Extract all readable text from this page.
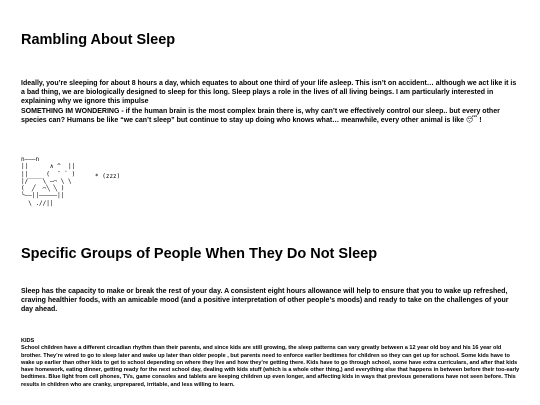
Rambling About Sleep

Ideally, you’re sleeping for about 8 hours a day, which equates to about one third of your life asleep. This isn’t on accident… although we act like it is a bad thing, we are biologically designed to sleep for this long. Sleep plays a role in the lives of all living beings. I am particularly interested in explaining why we ignore this impulse
SOMETHING IM WONDERING - if the human brain is the most complex brain there is, why can’t we effectively control our sleep.. but every other species can? Humans be like “we can’t sleep” but continue to stay up doing who knows what… meanwhile, every other animal is like 😴 !

n———n
||      ∧ ^  ||
||     (  ¯ ` )
|/‾‾‾‾\ —⌒ \ \
(  ╱  ⌒╲ ╲ )
╰—–||———––||
\ .//||
* (zzz)
Specific Groups of People When They Do Not Sleep

Sleep has the capacity to make or break the rest of your day. A consistent eight hours allowance will help to ensure that you to wake up refreshed, craving healthier foods, with an amicable mood (and a positive interpretation of other people’s moods) and ready to take on the challenges of your day ahead.

KIDS
School children have a different circadian rhythm than their parents, and since kids are still growing, the sleep patterns can vary greatly between a 12 year old boy and his 16 year old brother. They’re wired to go to sleep later and wake up later than older people , but parents need to enforce earlier bedtimes for children so they can get up for school. Some kids have to wake up earlier than other kids to get to school depending on where they live and how they’re getting there. Kids have to go through school, some have extra curriculars, and after that kids have homework, eating dinner, getting ready for the next school day, dealing with kids stuff (which is a whole other thing,) and everything else that happens in between before their too-early bedtimes. Blue light from cell phones, TVs, game consoles and tablets are keeping children up even longer, and affecting kids in ways that previous generations have not seen before. This results in children who are cranky, unprepared, irritable, and less willing to learn.
